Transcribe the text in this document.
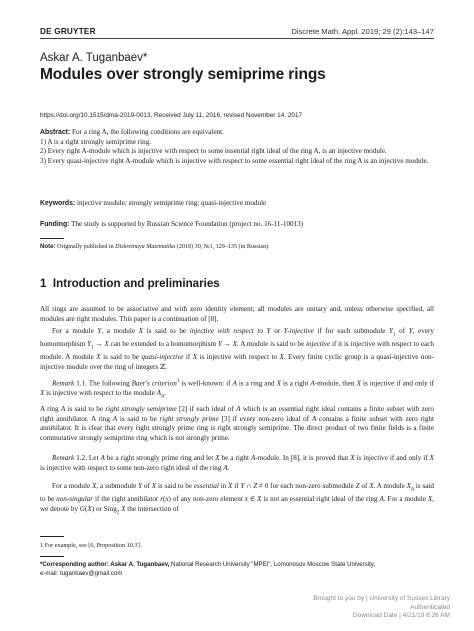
DE GRUYTER	Discrete Math. Appl. 2019; 29 (2):143–147
Askar A. Tuganbaev*
Modules over strongly semiprime rings
https://doi.org/10.1515/dma-2019-0013, Received July 11, 2016; revised November 14, 2017
Abstract: For a ring A, the following conditions are equivalent.
1) A is a right strongly semiprime ring.
2) Every right A-module which is injective with respect to some essential right ideal of the ring A, is an injective module.
3) Every quasi-injective right A-module which is injective with respect to some essential right ideal of the ring A is an injective module.
Keywords: injective module; strongly semiprime ring; quasi-injective module
Funding: The study is supported by Russian Science Foundation (project no. 16-11-10013)
Note: Originally published in Diskretnaya Matematika (2018) 30, №1, 129–135 (in Russian).
1 Introduction and preliminaries

All rings are assumed to be associative and with zero identity element; all modules are unitary and, unless otherwise specified, all modules are right modules. This paper is a continuation of [8].

For a module Y, a module X is said to be injective with respect to Y or Y-injective if for each submodule $Y_1$ of Y, every homomorphism $Y_1 \to X$ can be extended to a homomorphism Y → X. A module is said to be injective if it is injective with respect to each module. A module X is said to be quasi-injective if X is injective with respect to X. Every finite cyclic group is a quasi-injective non-injective module over the ring of integers ℤ.

Remark 1.1. The following Baer's criterion$^1$ is well-known: if A is a ring and X is a right A-module, then X is injective if and only if X is injective with respect to the module $A_A$.

A ring A is said to be right strongly semiprime [2] if each ideal of A which is an essential right ideal contains a finite subset with zero right annihilator. A ring A is said to be right strongly prime [3] if every non-zero ideal of A contains a finite subset with zero right annihilator. It is clear that every right strongly prime ring is right strongly semiprime. The direct product of two finite fields is a finite commutative strongly semiprime ring which is not strongly prime.

Remark 1.2. Let A be a right strongly prime ring and let X be a right A-module. In [8], it is proved that X is injective if and only if X is injective with respect to some non-zero right ideal of the ring A.

For a module X, a submodule Y of X is said to be essential in X if Y ∩ Z ≠ 0 for each non-zero submodule Z of X. A module $X_A$ is said to be non-singular if the right annihilator r(x) of any non-zero element x ∈ X is not an essential right ideal of the ring A. For a module X, we denote by G(X) or Sing$_2$ X the intersection of

1 For example, see [6, Proposition 10.3'].
*Corresponding author: Askar A. Tuganbaev, National Research University "MPEI", Lomonosov Moscow State University,
e-mail: tuganbaev@gmail.com
Brought to you by | University of Sussex Library
Authenticated
Download Date | 4/21/19 6:26 AM
